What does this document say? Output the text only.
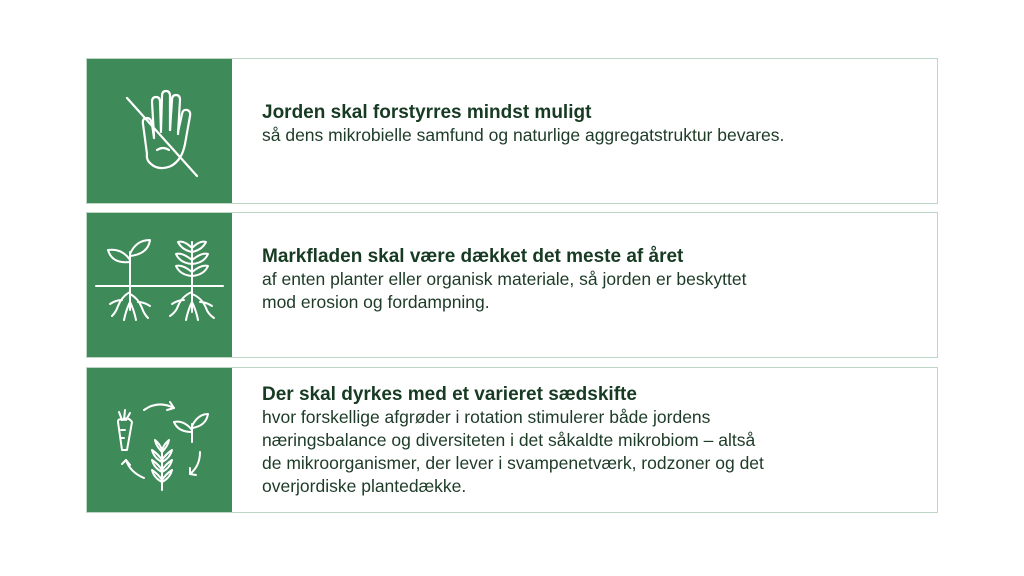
Jorden skal forstyrres mindst muligt

så dens mikrobielle samfund og naturlige aggregatstruktur bevares.

Markfladen skal være dækket det meste af året

af enten planter eller organisk materiale, så jorden er beskyttet
mod erosion og fordampning.

Der skal dyrkes med et varieret sædskifte

hvor forskellige afgrøder i rotation stimulerer både jordens
næringsbalance og diversiteten i det såkaldte mikrobiom – altså
de mikroorganismer, der lever i svampenetværk, rodzoner og det
overjordiske plantedække.
